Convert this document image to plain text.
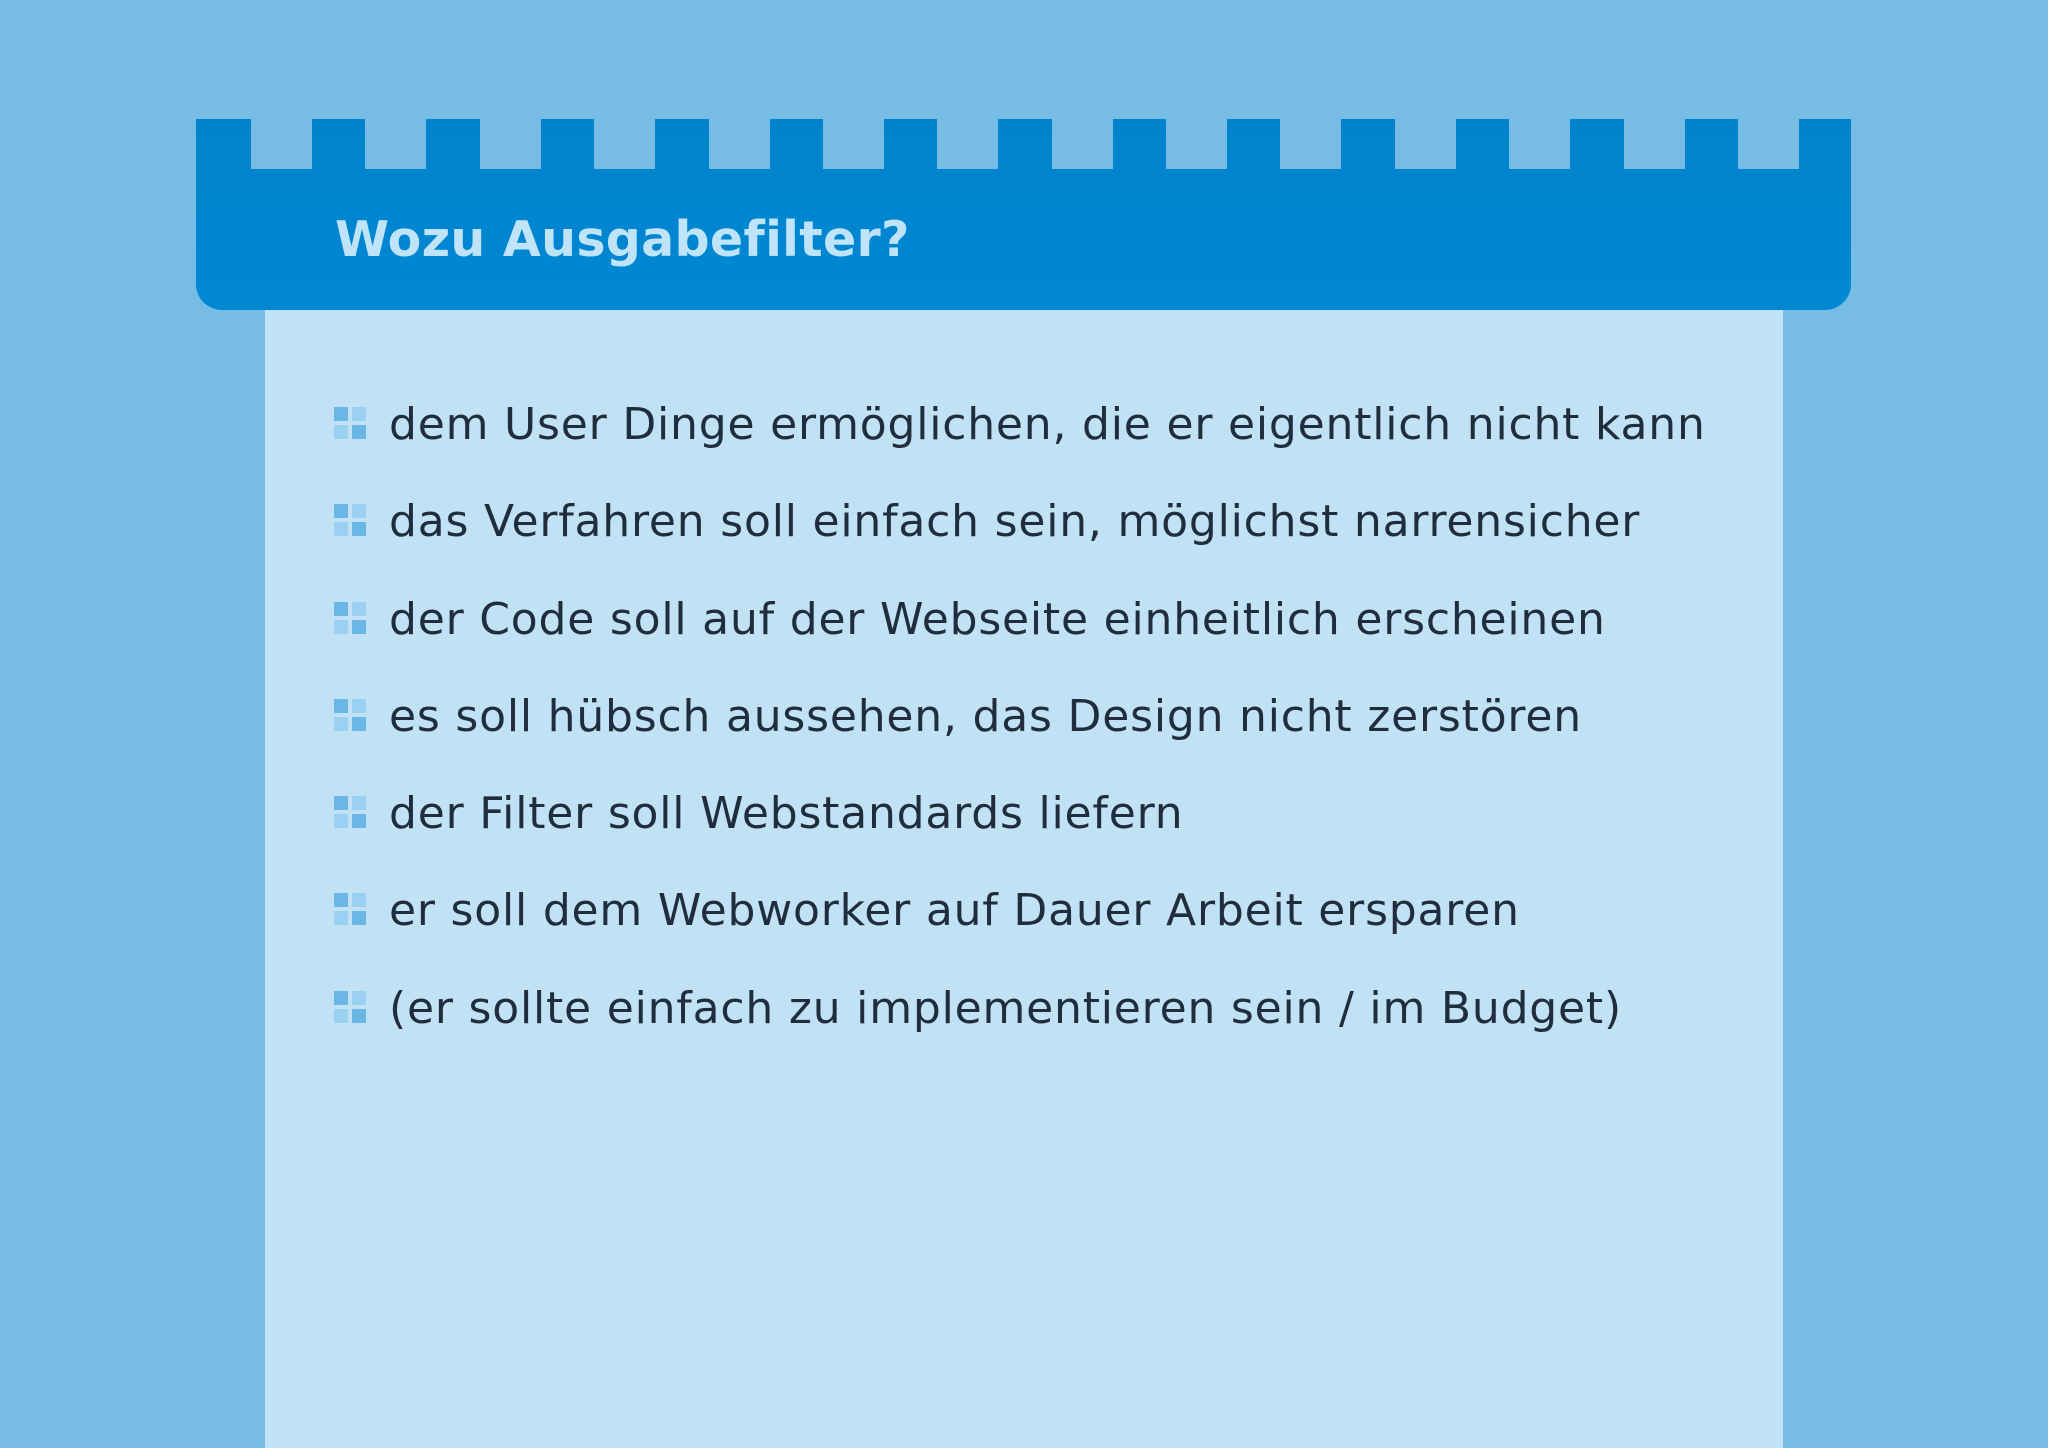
Wozu Ausgabefilter?
dem User Dinge ermöglichen, die er eigentlich nicht kann
das Verfahren soll einfach sein, möglichst narrensicher
der Code soll auf der Webseite einheitlich erscheinen
es soll hübsch aussehen, das Design nicht zerstören
der Filter soll Webstandards liefern
er soll dem Webworker auf Dauer Arbeit ersparen
(er sollte einfach zu implementieren sein / im Budget)
